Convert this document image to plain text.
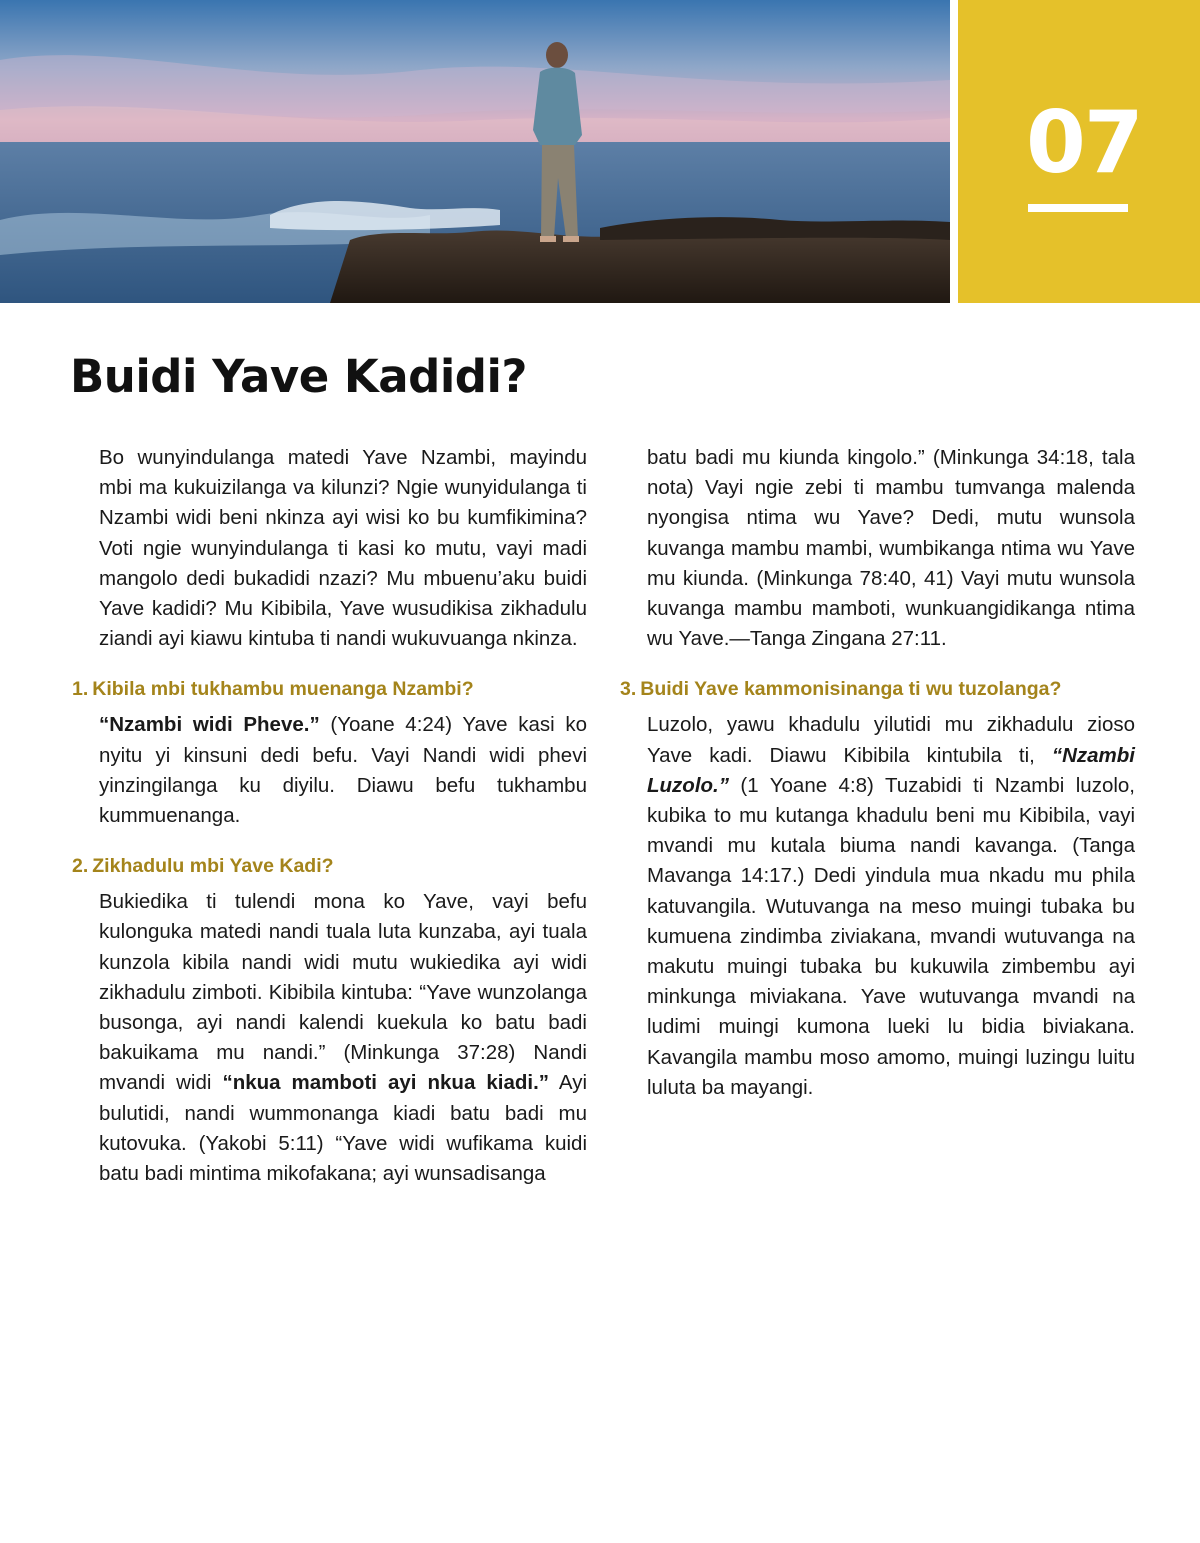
07
Buidi Yave Kadidi?

Bo wunyindulanga matedi Yave Nzambi, mayindu mbi ma kukuizilanga va kilunzi? Ngie wunyidulanga ti Nzambi widi beni nkinza ayi wisi ko bu kumfikimina? Voti ngie wunyindulanga ti kasi ko mutu, vayi madi mangolo dedi bukadidi nzazi? Mu mbuenu’aku buidi Yave kadidi? Mu Kibibila, Yave wusudikisa zikhadulu ziandi ayi kiawu kintuba ti nandi wukuvuanga nkinza.

1. Kibila mbi tukhambu muenanga Nzambi?

“Nzambi widi Pheve.” (Yoane 4:24) Yave kasi ko nyitu yi kinsuni dedi befu. Vayi Nandi widi phevi yinzingilanga ku diyilu. Diawu befu tukhambu kummuenanga.

2. Zikhadulu mbi Yave Kadi?

Bukiedika ti tulendi mona ko Yave, vayi befu kulonguka matedi nandi tuala luta kunzaba, ayi tuala kunzola kibila nandi widi mutu wukiedika ayi widi zikhadulu zimboti. Kibibila kintuba: “Yave wunzolanga busonga, ayi nandi kalendi kuekula ko batu badi bakuikama mu nandi.” (Minkunga 37:28) Nandi mvandi widi “nkua mamboti ayi nkua kiadi.” Ayi bulutidi, nandi wummonanga kiadi batu badi mu kutovuka. (Yakobi 5:11) “Yave widi wufikama kuidi batu badi mintima mikofakana; ayi wunsadisanga

batu badi mu kiunda kingolo.” (Minkunga 34:18, tala nota) Vayi ngie zebi ti mambu tumvanga malenda nyongisa ntima wu Yave? Dedi, mutu wunsola kuvanga mambu mambi, wumbikanga ntima wu Yave mu kiunda. (Minkunga 78:40, 41) Vayi mutu wunsola kuvanga mambu mamboti, wunkuangidikanga ntima wu Yave.—Tanga Zingana 27:11.

3. Buidi Yave kammonisinanga ti wu tuzolanga?

Luzolo, yawu khadulu yilutidi mu zikhadulu zioso Yave kadi. Diawu Kibibila kintubila ti, “Nzambi Luzolo.” (1 Yoane 4:8) Tuzabidi ti Nzambi luzolo, kubika to mu kutanga khadulu beni mu Kibibila, vayi mvandi mu kutala biuma nandi kavanga. (Tanga Mavanga 14:17.) Dedi yindula mua nkadu mu phila katuvangila. Wutuvanga na meso muingi tubaka bu kumuena zindimba ziviakana, mvandi wutuvanga na makutu muingi tubaka bu kukuwila zimbembu ayi minkunga miviakana. Yave wutuvanga mvandi na ludimi muingi kumona lueki lu bidia biviakana. Kavangila mambu moso amomo, muingi luzingu luitu luluta ba mayangi.
